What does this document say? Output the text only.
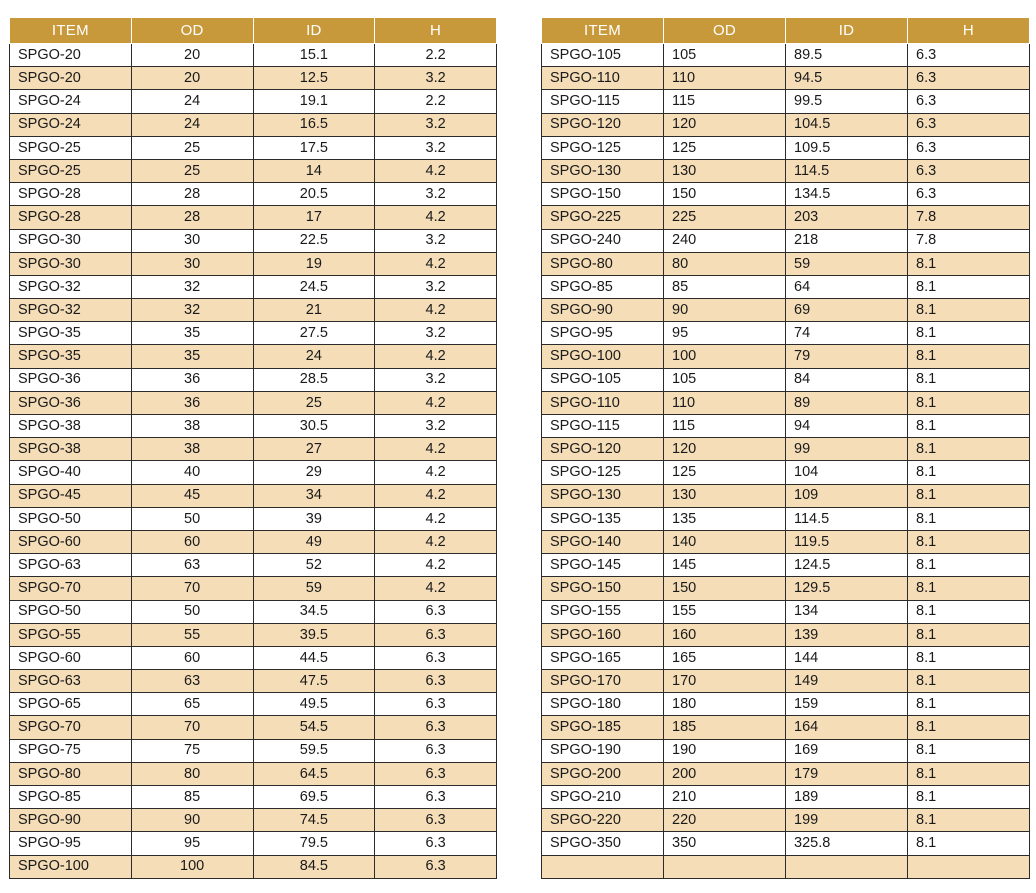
ITEM	OD	ID	H
SPGO-20	20	15.1	2.2
SPGO-20	20	12.5	3.2
SPGO-24	24	19.1	2.2
SPGO-24	24	16.5	3.2
SPGO-25	25	17.5	3.2
SPGO-25	25	14	4.2
SPGO-28	28	20.5	3.2
SPGO-28	28	17	4.2
SPGO-30	30	22.5	3.2
SPGO-30	30	19	4.2
SPGO-32	32	24.5	3.2
SPGO-32	32	21	4.2
SPGO-35	35	27.5	3.2
SPGO-35	35	24	4.2
SPGO-36	36	28.5	3.2
SPGO-36	36	25	4.2
SPGO-38	38	30.5	3.2
SPGO-38	38	27	4.2
SPGO-40	40	29	4.2
SPGO-45	45	34	4.2
SPGO-50	50	39	4.2
SPGO-60	60	49	4.2
SPGO-63	63	52	4.2
SPGO-70	70	59	4.2
SPGO-50	50	34.5	6.3
SPGO-55	55	39.5	6.3
SPGO-60	60	44.5	6.3
SPGO-63	63	47.5	6.3
SPGO-65	65	49.5	6.3
SPGO-70	70	54.5	6.3
SPGO-75	75	59.5	6.3
SPGO-80	80	64.5	6.3
SPGO-85	85	69.5	6.3
SPGO-90	90	74.5	6.3
SPGO-95	95	79.5	6.3
SPGO-100	100	84.5	6.3
ITEM	OD	ID	H
SPGO-105	105	89.5	6.3
SPGO-110	110	94.5	6.3
SPGO-115	115	99.5	6.3
SPGO-120	120	104.5	6.3
SPGO-125	125	109.5	6.3
SPGO-130	130	114.5	6.3
SPGO-150	150	134.5	6.3
SPGO-225	225	203	7.8
SPGO-240	240	218	7.8
SPGO-80	80	59	8.1
SPGO-85	85	64	8.1
SPGO-90	90	69	8.1
SPGO-95	95	74	8.1
SPGO-100	100	79	8.1
SPGO-105	105	84	8.1
SPGO-110	110	89	8.1
SPGO-115	115	94	8.1
SPGO-120	120	99	8.1
SPGO-125	125	104	8.1
SPGO-130	130	109	8.1
SPGO-135	135	114.5	8.1
SPGO-140	140	119.5	8.1
SPGO-145	145	124.5	8.1
SPGO-150	150	129.5	8.1
SPGO-155	155	134	8.1
SPGO-160	160	139	8.1
SPGO-165	165	144	8.1
SPGO-170	170	149	8.1
SPGO-180	180	159	8.1
SPGO-185	185	164	8.1
SPGO-190	190	169	8.1
SPGO-200	200	179	8.1
SPGO-210	210	189	8.1
SPGO-220	220	199	8.1
SPGO-350	350	325.8	8.1
